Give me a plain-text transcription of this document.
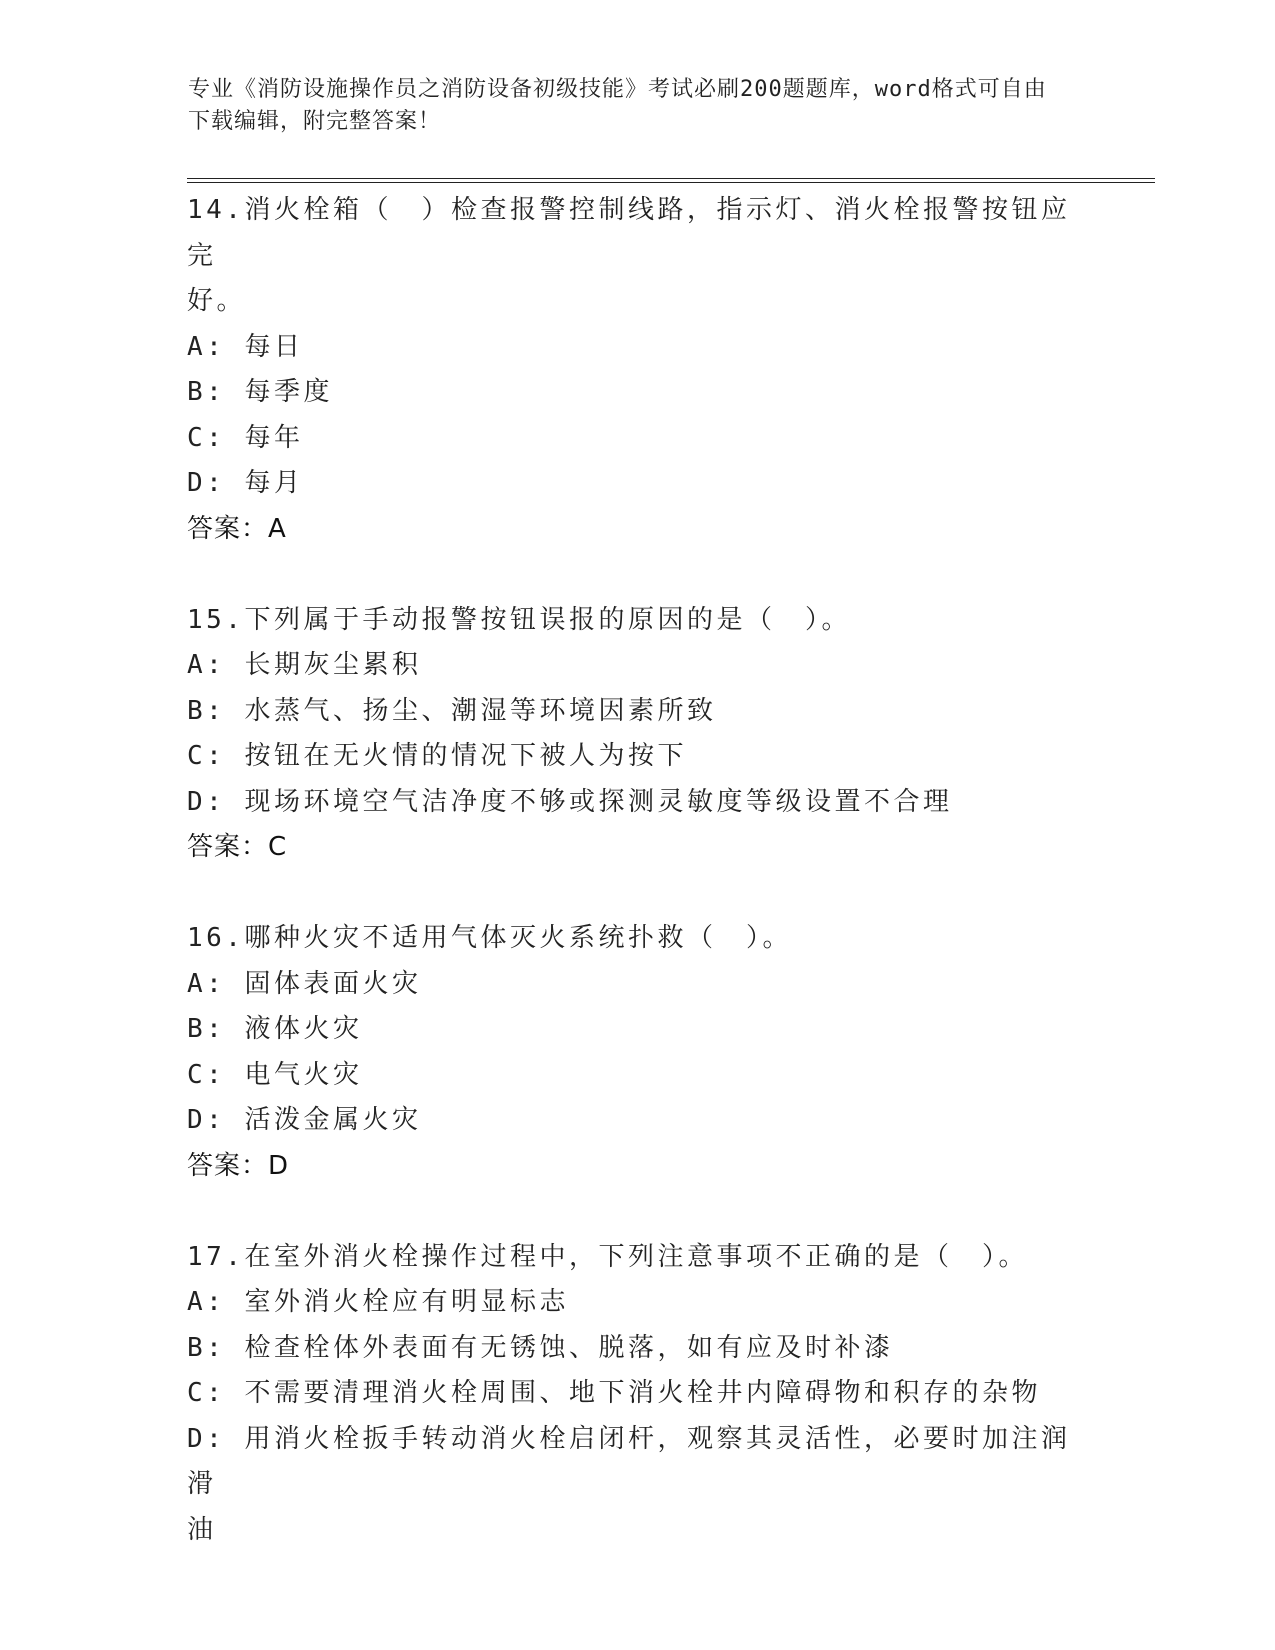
专业《消防设施操作员之消防设备初级技能》考试必刷200题题库，word格式可自由下载编辑，附完整答案！
14.消火栓箱（　）检查报警控制线路，指示灯、消火栓报警按钮应完
好。
A: 每日
B: 每季度
C: 每年
D: 每月
答案：A
15.下列属于手动报警按钮误报的原因的是（　）。
A: 长期灰尘累积
B: 水蒸气、扬尘、潮湿等环境因素所致
C: 按钮在无火情的情况下被人为按下
D: 现场环境空气洁净度不够或探测灵敏度等级设置不合理
答案：C
16.哪种火灾不适用气体灭火系统扑救（　）。
A: 固体表面火灾
B: 液体火灾
C: 电气火灾
D: 活泼金属火灾
答案：D
17.在室外消火栓操作过程中，下列注意事项不正确的是（　）。
A: 室外消火栓应有明显标志
B: 检查栓体外表面有无锈蚀、脱落，如有应及时补漆
C: 不需要清理消火栓周围、地下消火栓井内障碍物和积存的杂物
D: 用消火栓扳手转动消火栓启闭杆，观察其灵活性，必要时加注润滑
油
